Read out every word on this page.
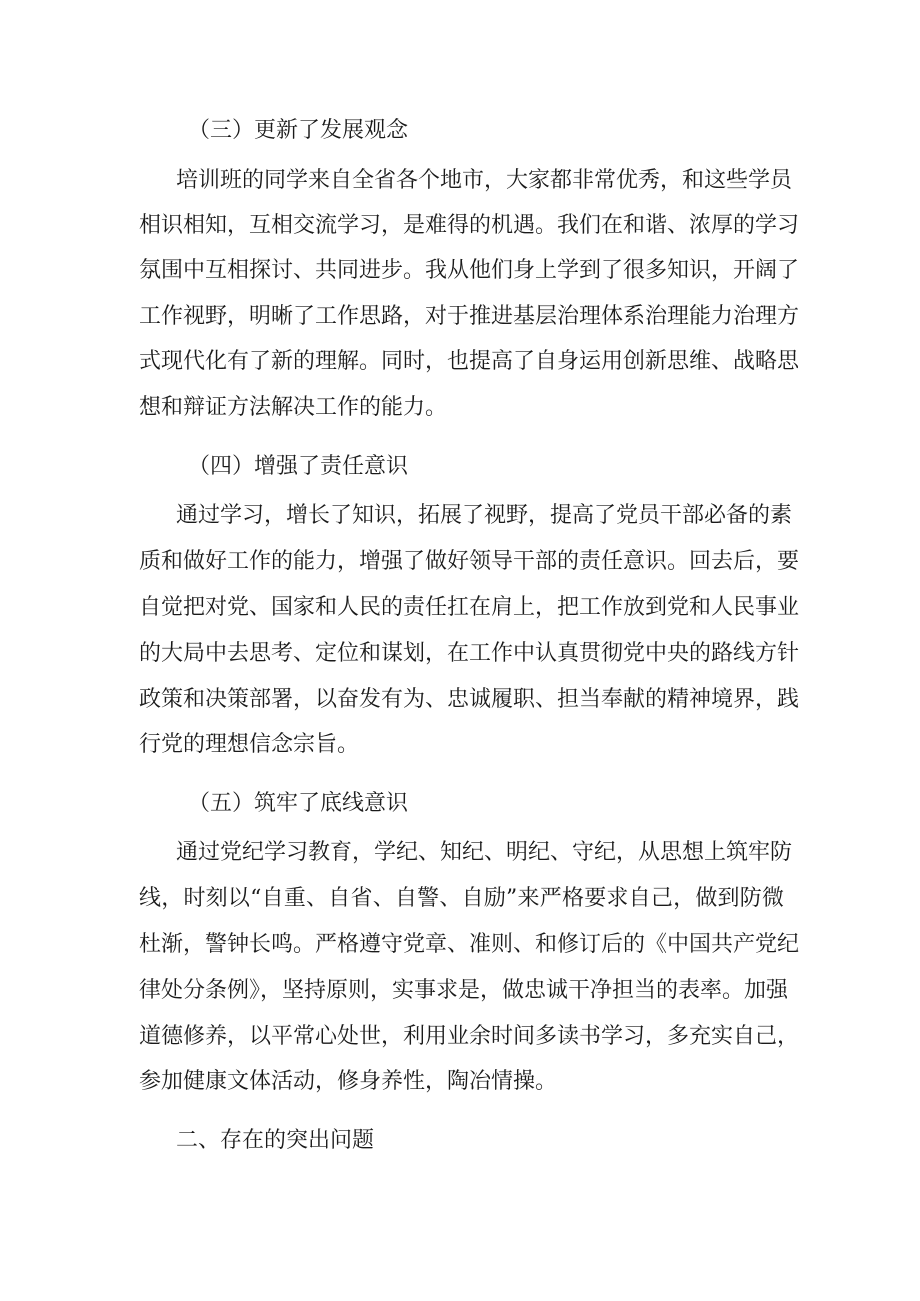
（三）更新了发展观念
培训班的同学来自全省各个地市，大家都非常优秀，和这些学员
相识相知，互相交流学习，是难得的机遇。我们在和谐、浓厚的学习
氛围中互相探讨、共同进步。我从他们身上学到了很多知识，开阔了
工作视野，明晰了工作思路，对于推进基层治理体系治理能力治理方
式现代化有了新的理解。同时，也提高了自身运用创新思维、战略思
想和辩证方法解决工作的能力。
（四）增强了责任意识
通过学习，增长了知识，拓展了视野，提高了党员干部必备的素
质和做好工作的能力，增强了做好领导干部的责任意识。回去后，要
自觉把对党、国家和人民的责任扛在肩上，把工作放到党和人民事业
的大局中去思考、定位和谋划，在工作中认真贯彻党中央的路线方针
政策和决策部署，以奋发有为、忠诚履职、担当奉献的精神境界，践
行党的理想信念宗旨。
（五）筑牢了底线意识
通过党纪学习教育，学纪、知纪、明纪、守纪，从思想上筑牢防
线，时刻以“自重、自省、自警、自励”来严格要求自己，做到防微
杜渐，警钟长鸣。严格遵守党章、准则、和修订后的《中国共产党纪
律处分条例》，坚持原则，实事求是，做忠诚干净担当的表率。加强
道德修养，以平常心处世，利用业余时间多读书学习，多充实自己，
参加健康文体活动，修身养性，陶冶情操。
二、存在的突出问题
